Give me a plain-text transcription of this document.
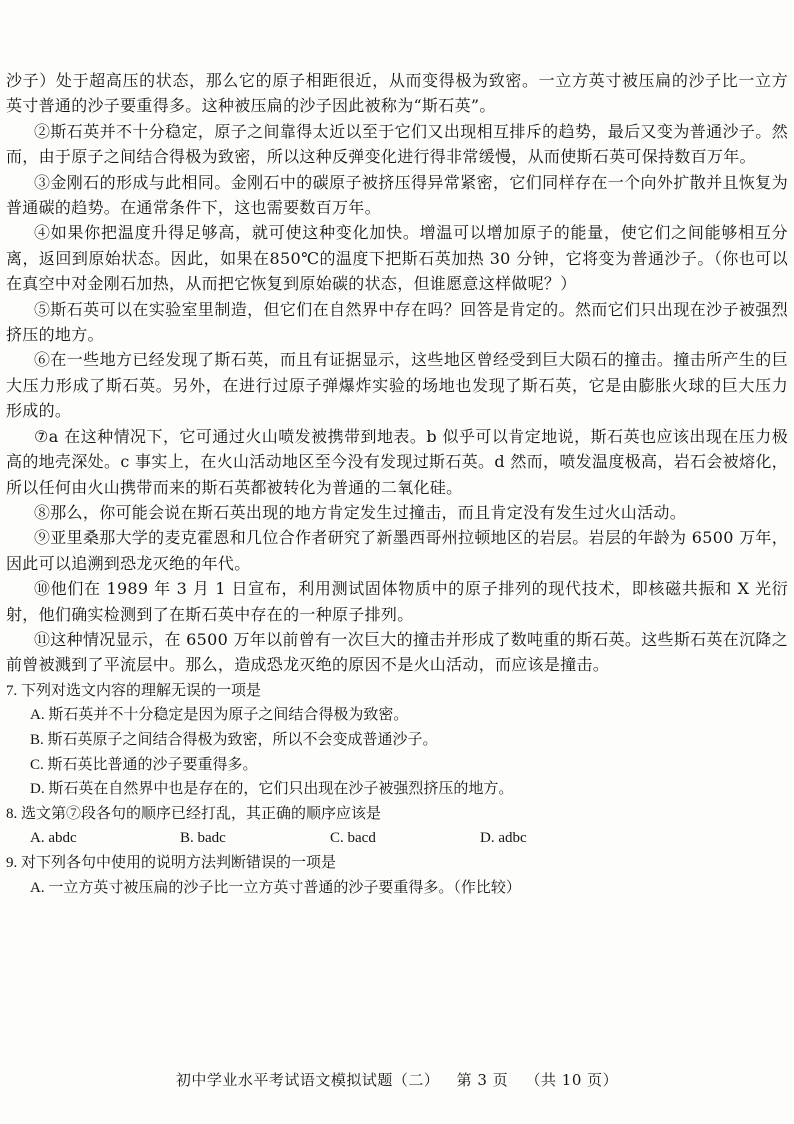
沙子）处于超高压的状态，那么它的原子相距很近，从而变得极为致密。一立方英寸被压扁的沙子比一立方英寸普通的沙子要重得多。这种被压扁的沙子因此被称为“斯石英”。

②斯石英并不十分稳定，原子之间靠得太近以至于它们又出现相互排斥的趋势，最后又变为普通沙子。然而，由于原子之间结合得极为致密，所以这种反弹变化进行得非常缓慢，从而使斯石英可保持数百万年。

③金刚石的形成与此相同。金刚石中的碳原子被挤压得异常紧密，它们同样存在一个向外扩散并且恢复为普通碳的趋势。在通常条件下，这也需要数百万年。

④如果你把温度升得足够高，就可使这种变化加快。增温可以增加原子的能量，使它们之间能够相互分离，返回到原始状态。因此，如果在850℃的温度下把斯石英加热 30 分钟，它将变为普通沙子。（你也可以在真空中对金刚石加热，从而把它恢复到原始碳的状态，但谁愿意这样做呢？）

⑤斯石英可以在实验室里制造，但它们在自然界中存在吗？回答是肯定的。然而它们只出现在沙子被强烈挤压的地方。

⑥在一些地方已经发现了斯石英，而且有证据显示，这些地区曾经受到巨大陨石的撞击。撞击所产生的巨大压力形成了斯石英。另外，在进行过原子弹爆炸实验的场地也发现了斯石英，它是由膨胀火球的巨大压力形成的。

⑦a 在这种情况下，它可通过火山喷发被携带到地表。b 似乎可以肯定地说，斯石英也应该出现在压力极高的地壳深处。c 事实上，在火山活动地区至今没有发现过斯石英。d 然而，喷发温度极高，岩石会被熔化，所以任何由火山携带而来的斯石英都被转化为普通的二氧化硅。

⑧那么，你可能会说在斯石英出现的地方肯定发生过撞击，而且肯定没有发生过火山活动。

⑨亚里桑那大学的麦克霍恩和几位合作者研究了新墨西哥州拉顿地区的岩层。岩层的年龄为 6500 万年，因此可以追溯到恐龙灭绝的年代。

⑩他们在 1989 年 3 月 1 日宣布，利用测试固体物质中的原子排列的现代技术，即核磁共振和 X 光衍射，他们确实检测到了在斯石英中存在的一种原子排列。

⑪这种情况显示，在 6500 万年以前曾有一次巨大的撞击并形成了数吨重的斯石英。这些斯石英在沉降之前曾被溅到了平流层中。那么，造成恐龙灭绝的原因不是火山活动，而应该是撞击。

7. 下列对选文内容的理解无误的一项是

A. 斯石英并不十分稳定是因为原子之间结合得极为致密。

B. 斯石英原子之间结合得极为致密，所以不会变成普通沙子。

C. 斯石英比普通的沙子要重得多。

D. 斯石英在自然界中也是存在的，它们只出现在沙子被强烈挤压的地方。

8. 选文第⑦段各句的顺序已经打乱，其正确的顺序应该是

A. abdc	B. badc	C. bacd	D. adbc

9. 对下列各句中使用的说明方法判断错误的一项是

A. 一立方英寸被压扁的沙子比一立方英寸普通的沙子要重得多。（作比较）

初中学业水平考试语文模拟试题（二） 第 3 页 （共 10 页）
